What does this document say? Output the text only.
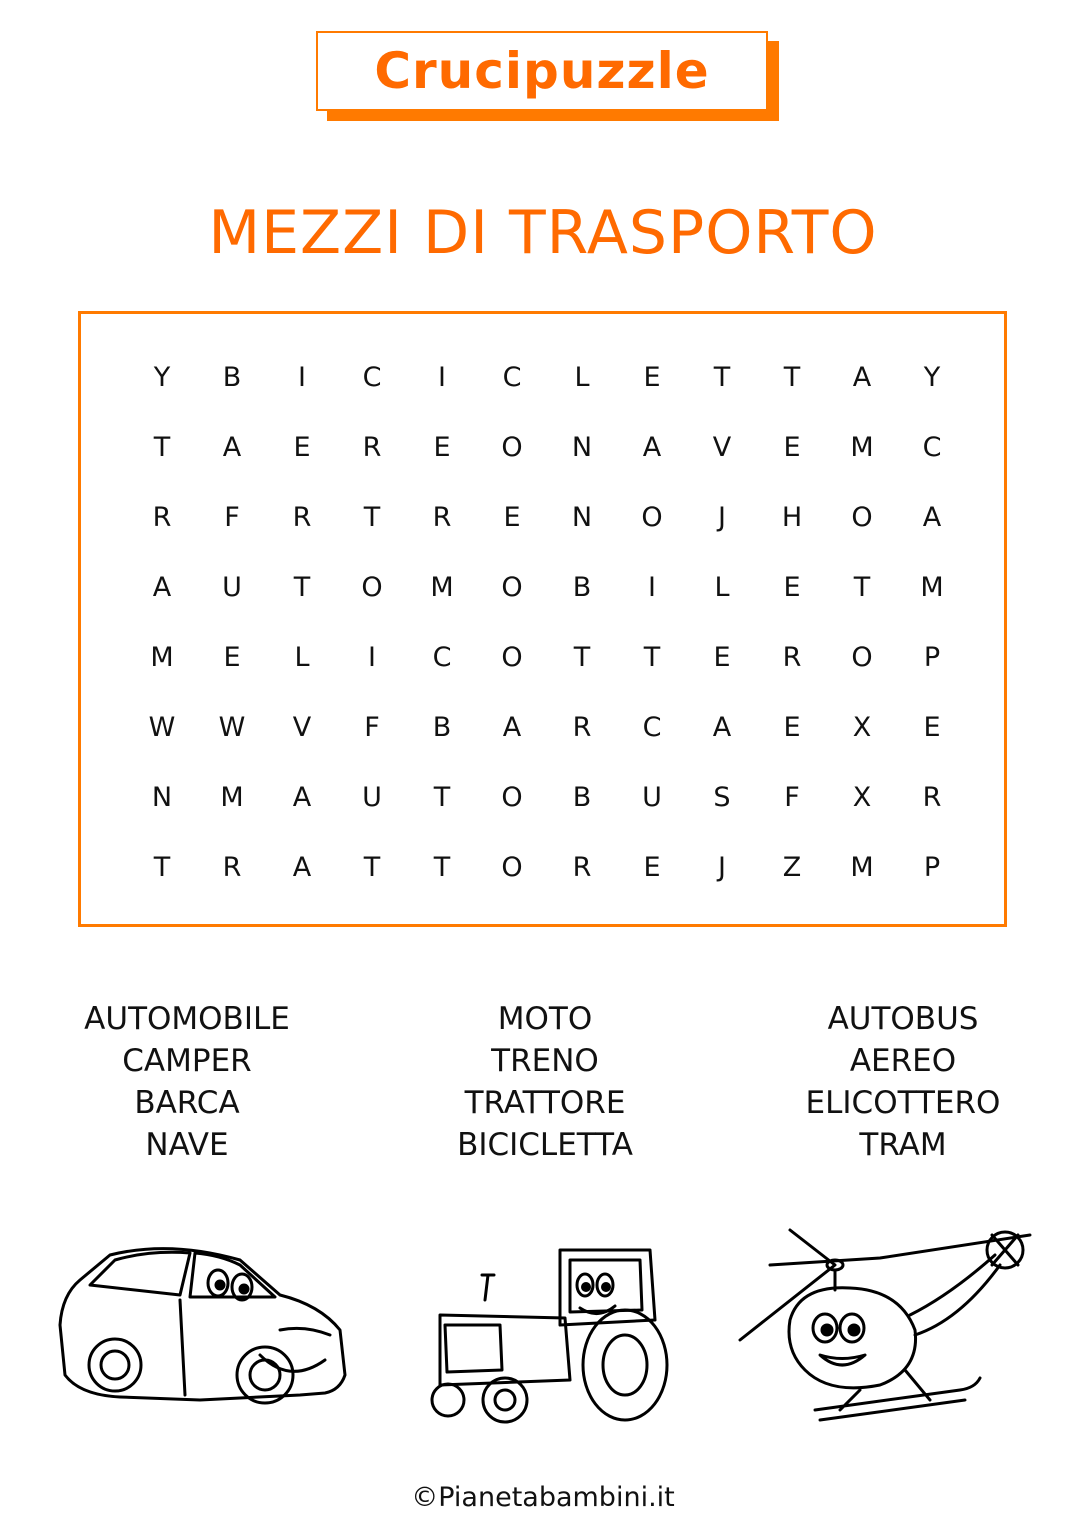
Crucipuzzle
MEZZI DI TRASPORTO
Y	B	I	C	I	C	L	E	T	T	A	Y
T	A	E	R	E	O	N	A	V	E	M	C
R	F	R	T	R	E	N	O	J	H	O	A
A	U	T	O	M	O	B	I	L	E	T	M
M	E	L	I	C	O	T	T	E	R	O	P
W	W	V	F	B	A	R	C	A	E	X	E
N	M	A	U	T	O	B	U	S	F	X	R
T	R	A	T	T	O	R	E	J	Z	M	P
AUTOMOBILE
CAMPER
BARCA
NAVE
MOTO
TRENO
TRATTORE
BICICLETTA
AUTOBUS
AEREO
ELICOTTERO
TRAM
©Pianetabambini.it
